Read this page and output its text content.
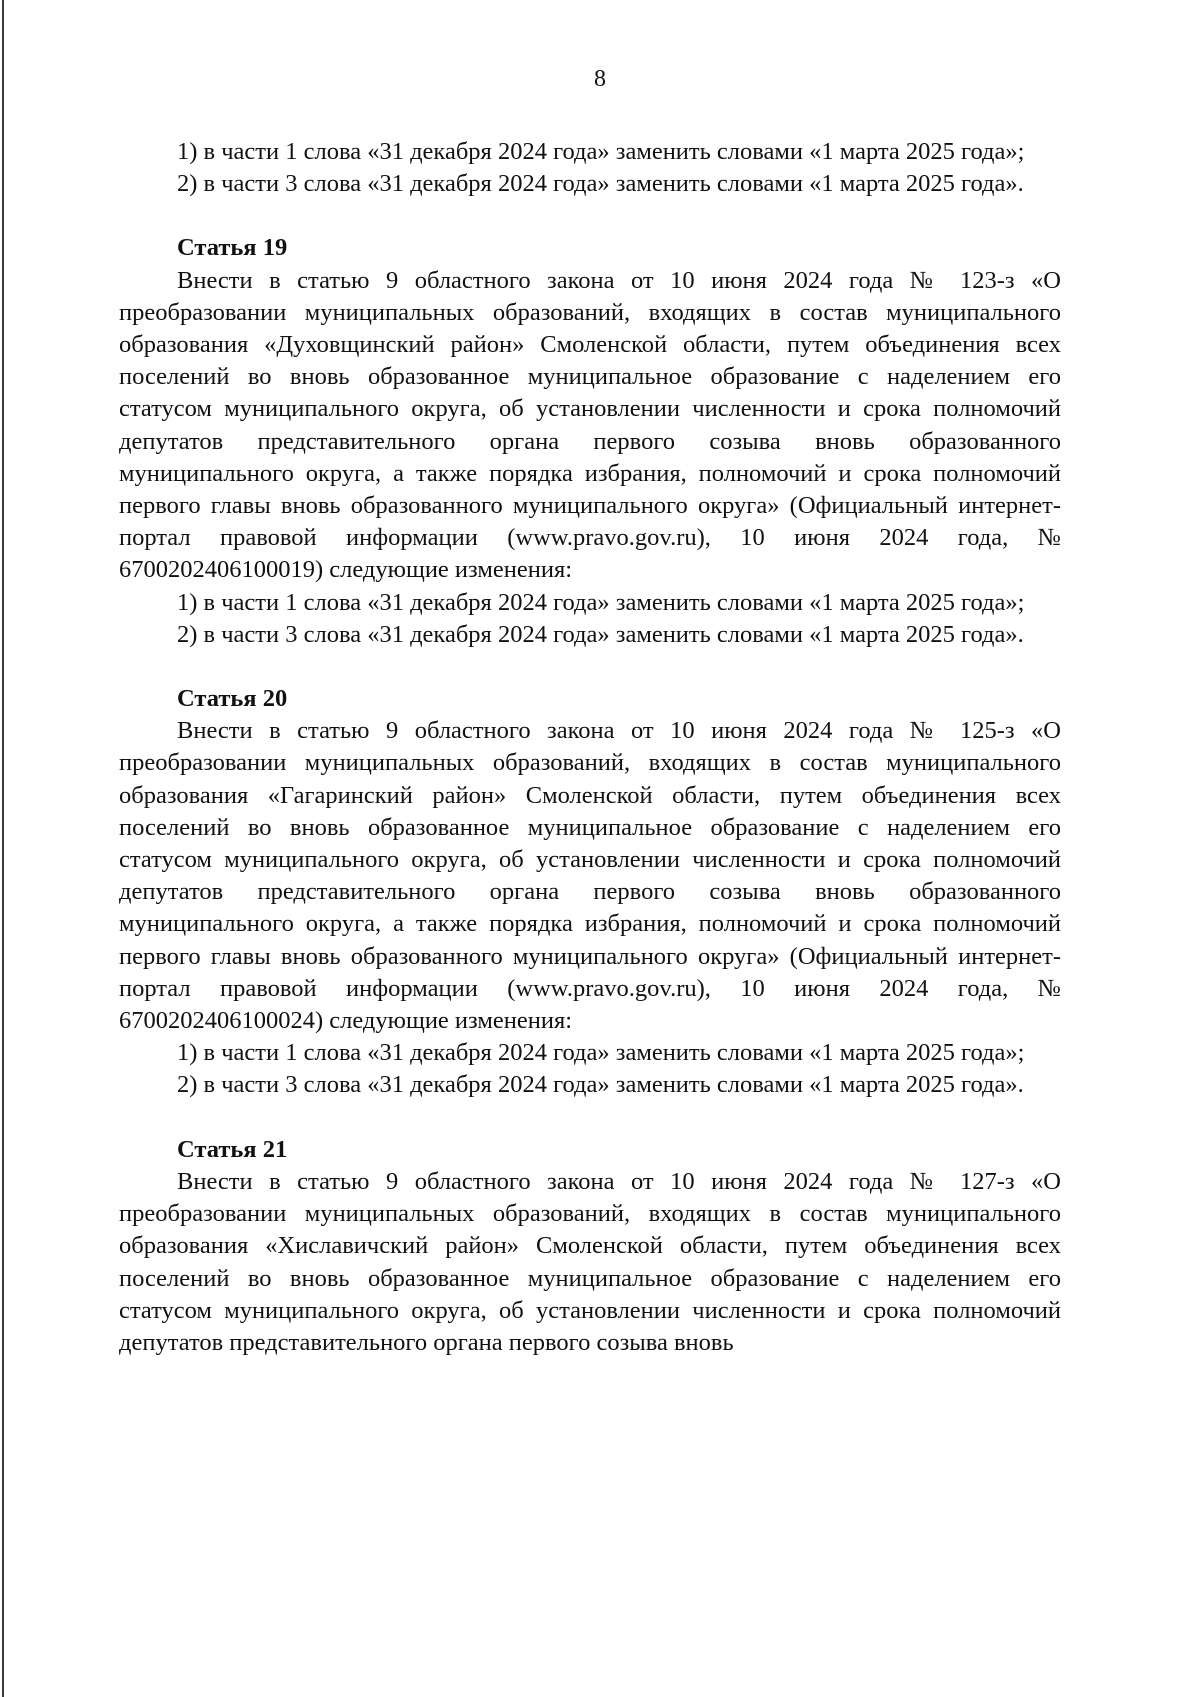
8

1) в части 1 слова «31 декабря 2024 года» заменить словами «1 марта 2025 года»;

2) в части 3 слова «31 декабря 2024 года» заменить словами «1 марта 2025 года».

Статья 19

Внести в статью 9 областного закона от 10 июня 2024 года № 123-з «О преобразовании муниципальных образований, входящих в состав муниципального образования «Духовщинский район» Смоленской области, путем объединения всех поселений во вновь образованное муниципальное образование с наделением его статусом муниципального округа, об установлении численности и срока полномочий депутатов представительного органа первого созыва вновь образованного муниципального округа, а также порядка избрания, полномочий и срока полномочий первого главы вновь образованного муниципального округа» (Официальный интернет-портал правовой информации (www.pravo.gov.ru), 10 июня 2024 года, № 6700202406100019) следующие изменения:

1) в части 1 слова «31 декабря 2024 года» заменить словами «1 марта 2025 года»;

2) в части 3 слова «31 декабря 2024 года» заменить словами «1 марта 2025 года».

Статья 20

Внести в статью 9 областного закона от 10 июня 2024 года № 125-з «О преобразовании муниципальных образований, входящих в состав муниципального образования «Гагаринский район» Смоленской области, путем объединения всех поселений во вновь образованное муниципальное образование с наделением его статусом муниципального округа, об установлении численности и срока полномочий депутатов представительного органа первого созыва вновь образованного муниципального округа, а также порядка избрания, полномочий и срока полномочий первого главы вновь образованного муниципального округа» (Официальный интернет-портал правовой информации (www.pravo.gov.ru), 10 июня 2024 года, № 6700202406100024) следующие изменения:

1) в части 1 слова «31 декабря 2024 года» заменить словами «1 марта 2025 года»;

2) в части 3 слова «31 декабря 2024 года» заменить словами «1 марта 2025 года».

Статья 21

Внести в статью 9 областного закона от 10 июня 2024 года № 127-з «О преобразовании муниципальных образований, входящих в состав муниципального образования «Хиславичский район» Смоленской области, путем объединения всех поселений во вновь образованное муниципальное образование с наделением его статусом муниципального округа, об установлении численности и срока полномочий депутатов представительного органа первого созыва вновь
